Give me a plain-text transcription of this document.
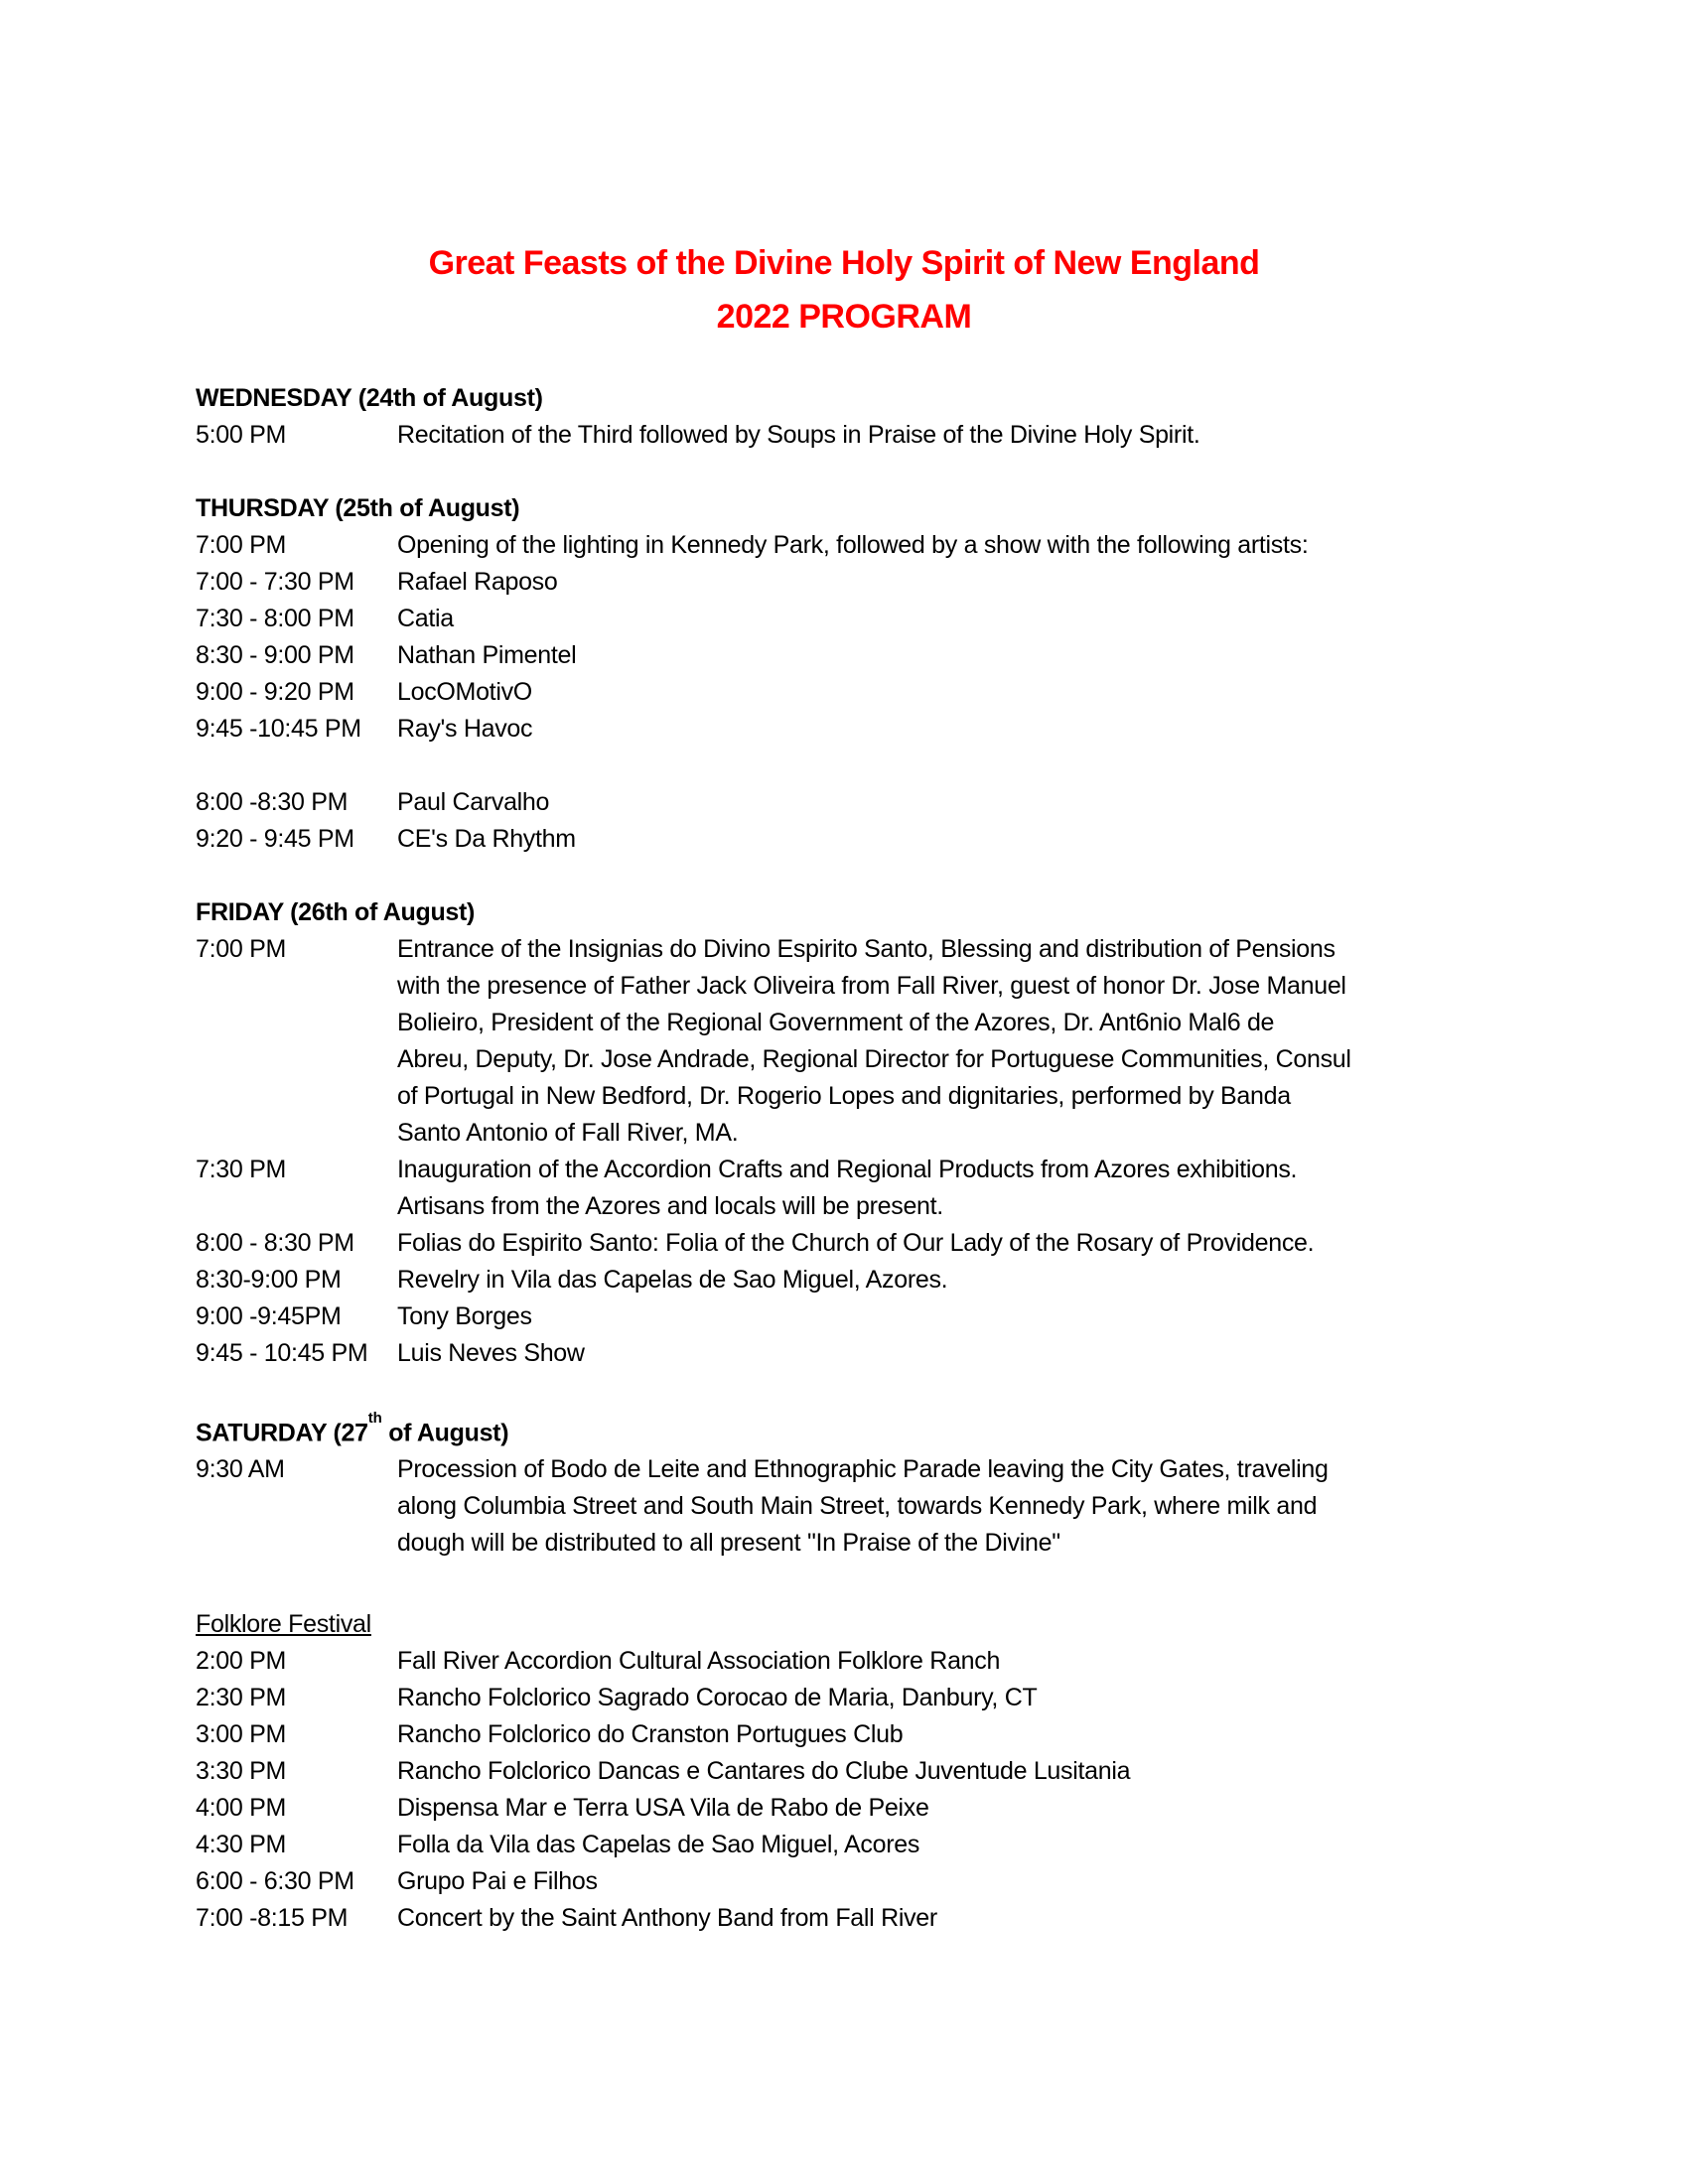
Great Feasts of the Divine Holy Spirit of New England
2022 PROGRAM
WEDNESDAY (24th of August)
5:00 PM	Recitation of the Third followed by Soups in Praise of the Divine Holy Spirit.
THURSDAY (25th of August)
7:00 PM	Opening of the lighting in Kennedy Park, followed by a show with the following artists:
7:00 - 7:30 PM	Rafael Raposo
7:30 - 8:00 PM	Catia
8:30 - 9:00 PM	Nathan Pimentel
9:00 - 9:20 PM	LocOMotivO
9:45 -10:45 PM	Ray's Havoc
8:00 -8:30 PM	Paul Carvalho
9:20 - 9:45 PM	CE's Da Rhythm
FRIDAY (26th of August)
7:00 PM	Entrance of the Insignias do Divino Espirito Santo, Blessing and distribution of Pensions
with the presence of Father Jack Oliveira from Fall River, guest of honor Dr. Jose Manuel
Bolieiro, President of the Regional Government of the Azores, Dr. Ant6nio Mal6 de
Abreu, Deputy, Dr. Jose Andrade, Regional Director for Portuguese Communities, Consul
of Portugal in New Bedford, Dr. Rogerio Lopes and dignitaries, performed by Banda
Santo Antonio of Fall River, MA.
7:30 PM	Inauguration of the Accordion Crafts and Regional Products from Azores exhibitions.
Artisans from the Azores and locals will be present.
8:00 - 8:30 PM	Folias do Espirito Santo: Folia of the Church of Our Lady of the Rosary of Providence.
8:30-9:00 PM	Revelry in Vila das Capelas de Sao Miguel, Azores.
9:00 -9:45PM	Tony Borges
9:45 - 10:45 PM	Luis Neves Show
SATURDAY (27th of August)
9:30 AM	Procession of Bodo de Leite and Ethnographic Parade leaving the City Gates, traveling
along Columbia Street and South Main Street, towards Kennedy Park, where milk and
dough will be distributed to all present "In Praise of the Divine"
Folklore Festival
2:00 PM	Fall River Accordion Cultural Association Folklore Ranch
2:30 PM	Rancho Folclorico Sagrado Corocao de Maria, Danbury, CT
3:00 PM	Rancho Folclorico do Cranston Portugues Club
3:30 PM	Rancho Folclorico Dancas e Cantares do Clube Juventude Lusitania
4:00 PM	Dispensa Mar e Terra USA Vila de Rabo de Peixe
4:30 PM	Folla da Vila das Capelas de Sao Miguel, Acores
6:00 - 6:30 PM	Grupo Pai e Filhos
7:00 -8:15 PM	Concert by the Saint Anthony Band from Fall River
